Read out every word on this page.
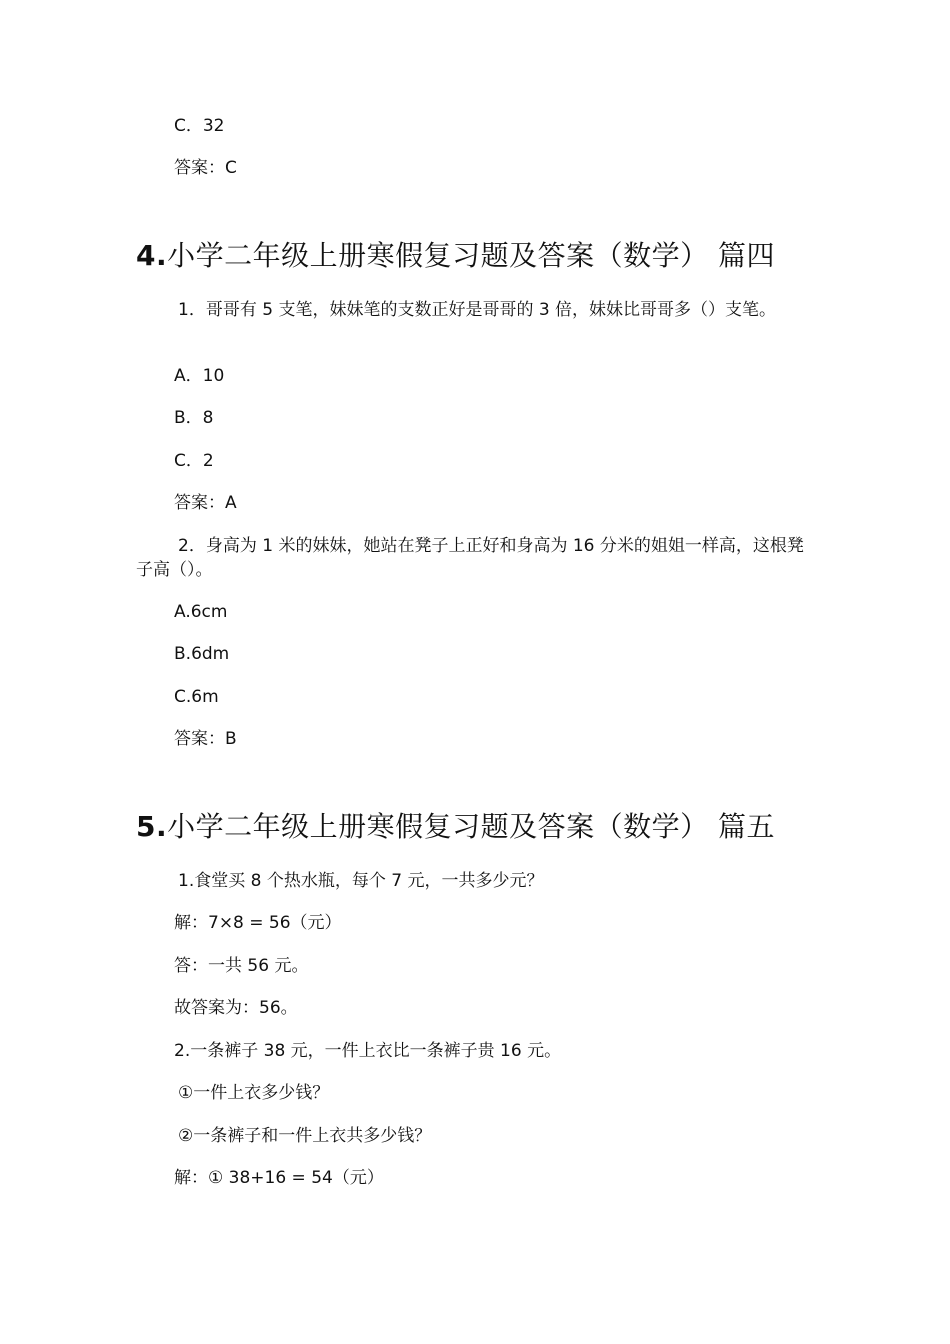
C．32
答案：C
4.小学二年级上册寒假复习题及答案（数学） 篇四
1．哥哥有 5 支笔，妹妹笔的支数正好是哥哥的 3 倍，妹妹比哥哥多（）支笔。
A．10
B．8
C．2
答案：A
2．身高为 1 米的妹妹，她站在凳子上正好和身高为 16 分米的姐姐一样高，这根凳子高（）。
A.6cm
B.6dm
C.6m
答案：B
5.小学二年级上册寒假复习题及答案（数学） 篇五
1.食堂买 8 个热水瓶，每个 7 元，一共多少元？
解：7×8 = 56（元）
答：一共 56 元。
故答案为：56。
2.一条裤子 38 元，一件上衣比一条裤子贵 16 元。
①一件上衣多少钱？
②一条裤子和一件上衣共多少钱？
解：① 38+16 = 54（元）
